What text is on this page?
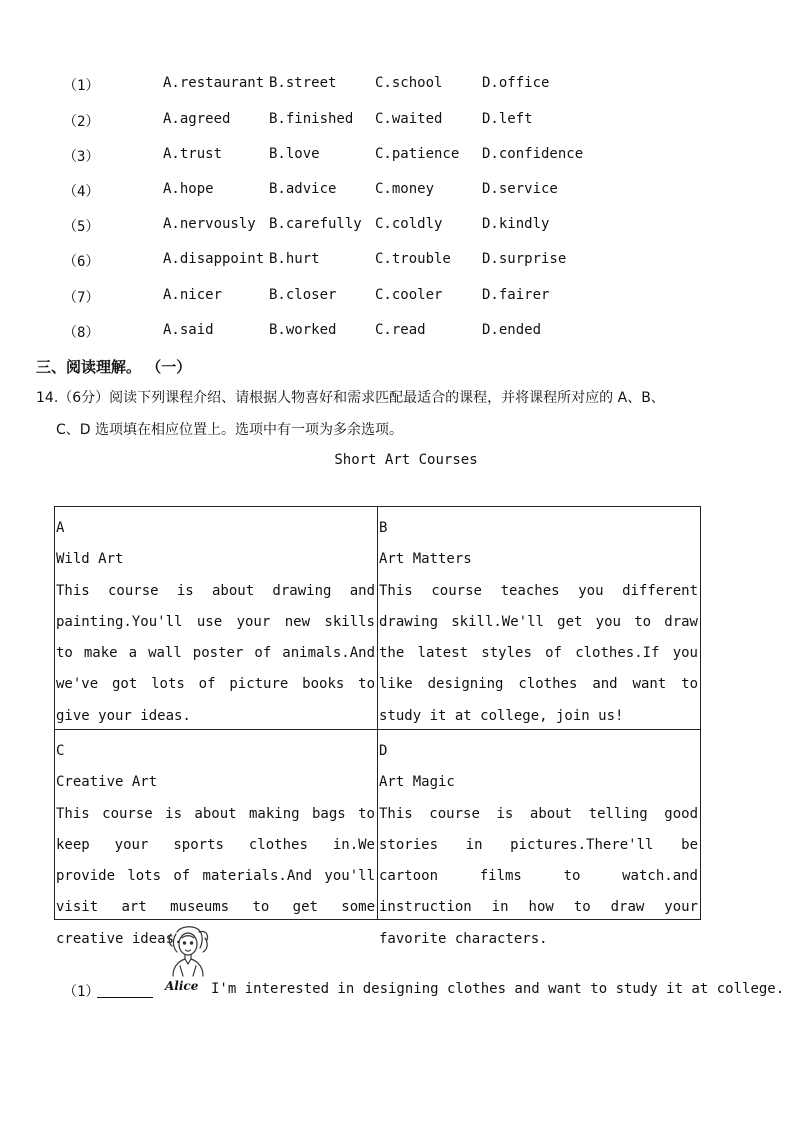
（1）	A.restaurant B.street	C.school	D.office
（2）	A.agreed	B.finished C.waited	D.left
（3）	A.trust	B.love	C.patience D.confidence
（4）	A.hope	B.advice	C.money	D.service
（5）	A.nervously B.carefully C.coldly	D.kindly
（6）	A.disappoint B.hurt	C.trouble D.surprise
（7）	A.nicer	B.closer	C.cooler	D.fairer
（8）	A.said	B.worked	C.read	D.ended
三、阅读理解。 （一）
14.（6分）阅读下列课程介绍、请根据人物喜好和需求匹配最适合的课程，并将课程所对应的 A、B、
C、D 选项填在相应位置上。选项中有一项为多余选项。
Short Art Courses
A
Wild Art
This course is about drawing and painting.You'll use your new skills to make a wall poster of animals.And we've got lots of picture books to give your ideas.
B
Art Matters
This course teaches you different drawing skill.We'll get you to draw the latest styles of clothes.If you like designing clothes and want to study it at college, join us!
C
Creative Art
This course is about making bags to keep your sports clothes in.We provide lots of materials.And you'll visit art museums to get some creative ideas.
D
Art Magic
This course is about telling good stories in pictures.There'll be cartoon films to watch.and instruction in how to draw your favorite characters.
（1）	Alice I'm interested in designing clothes and want to study it at college.
